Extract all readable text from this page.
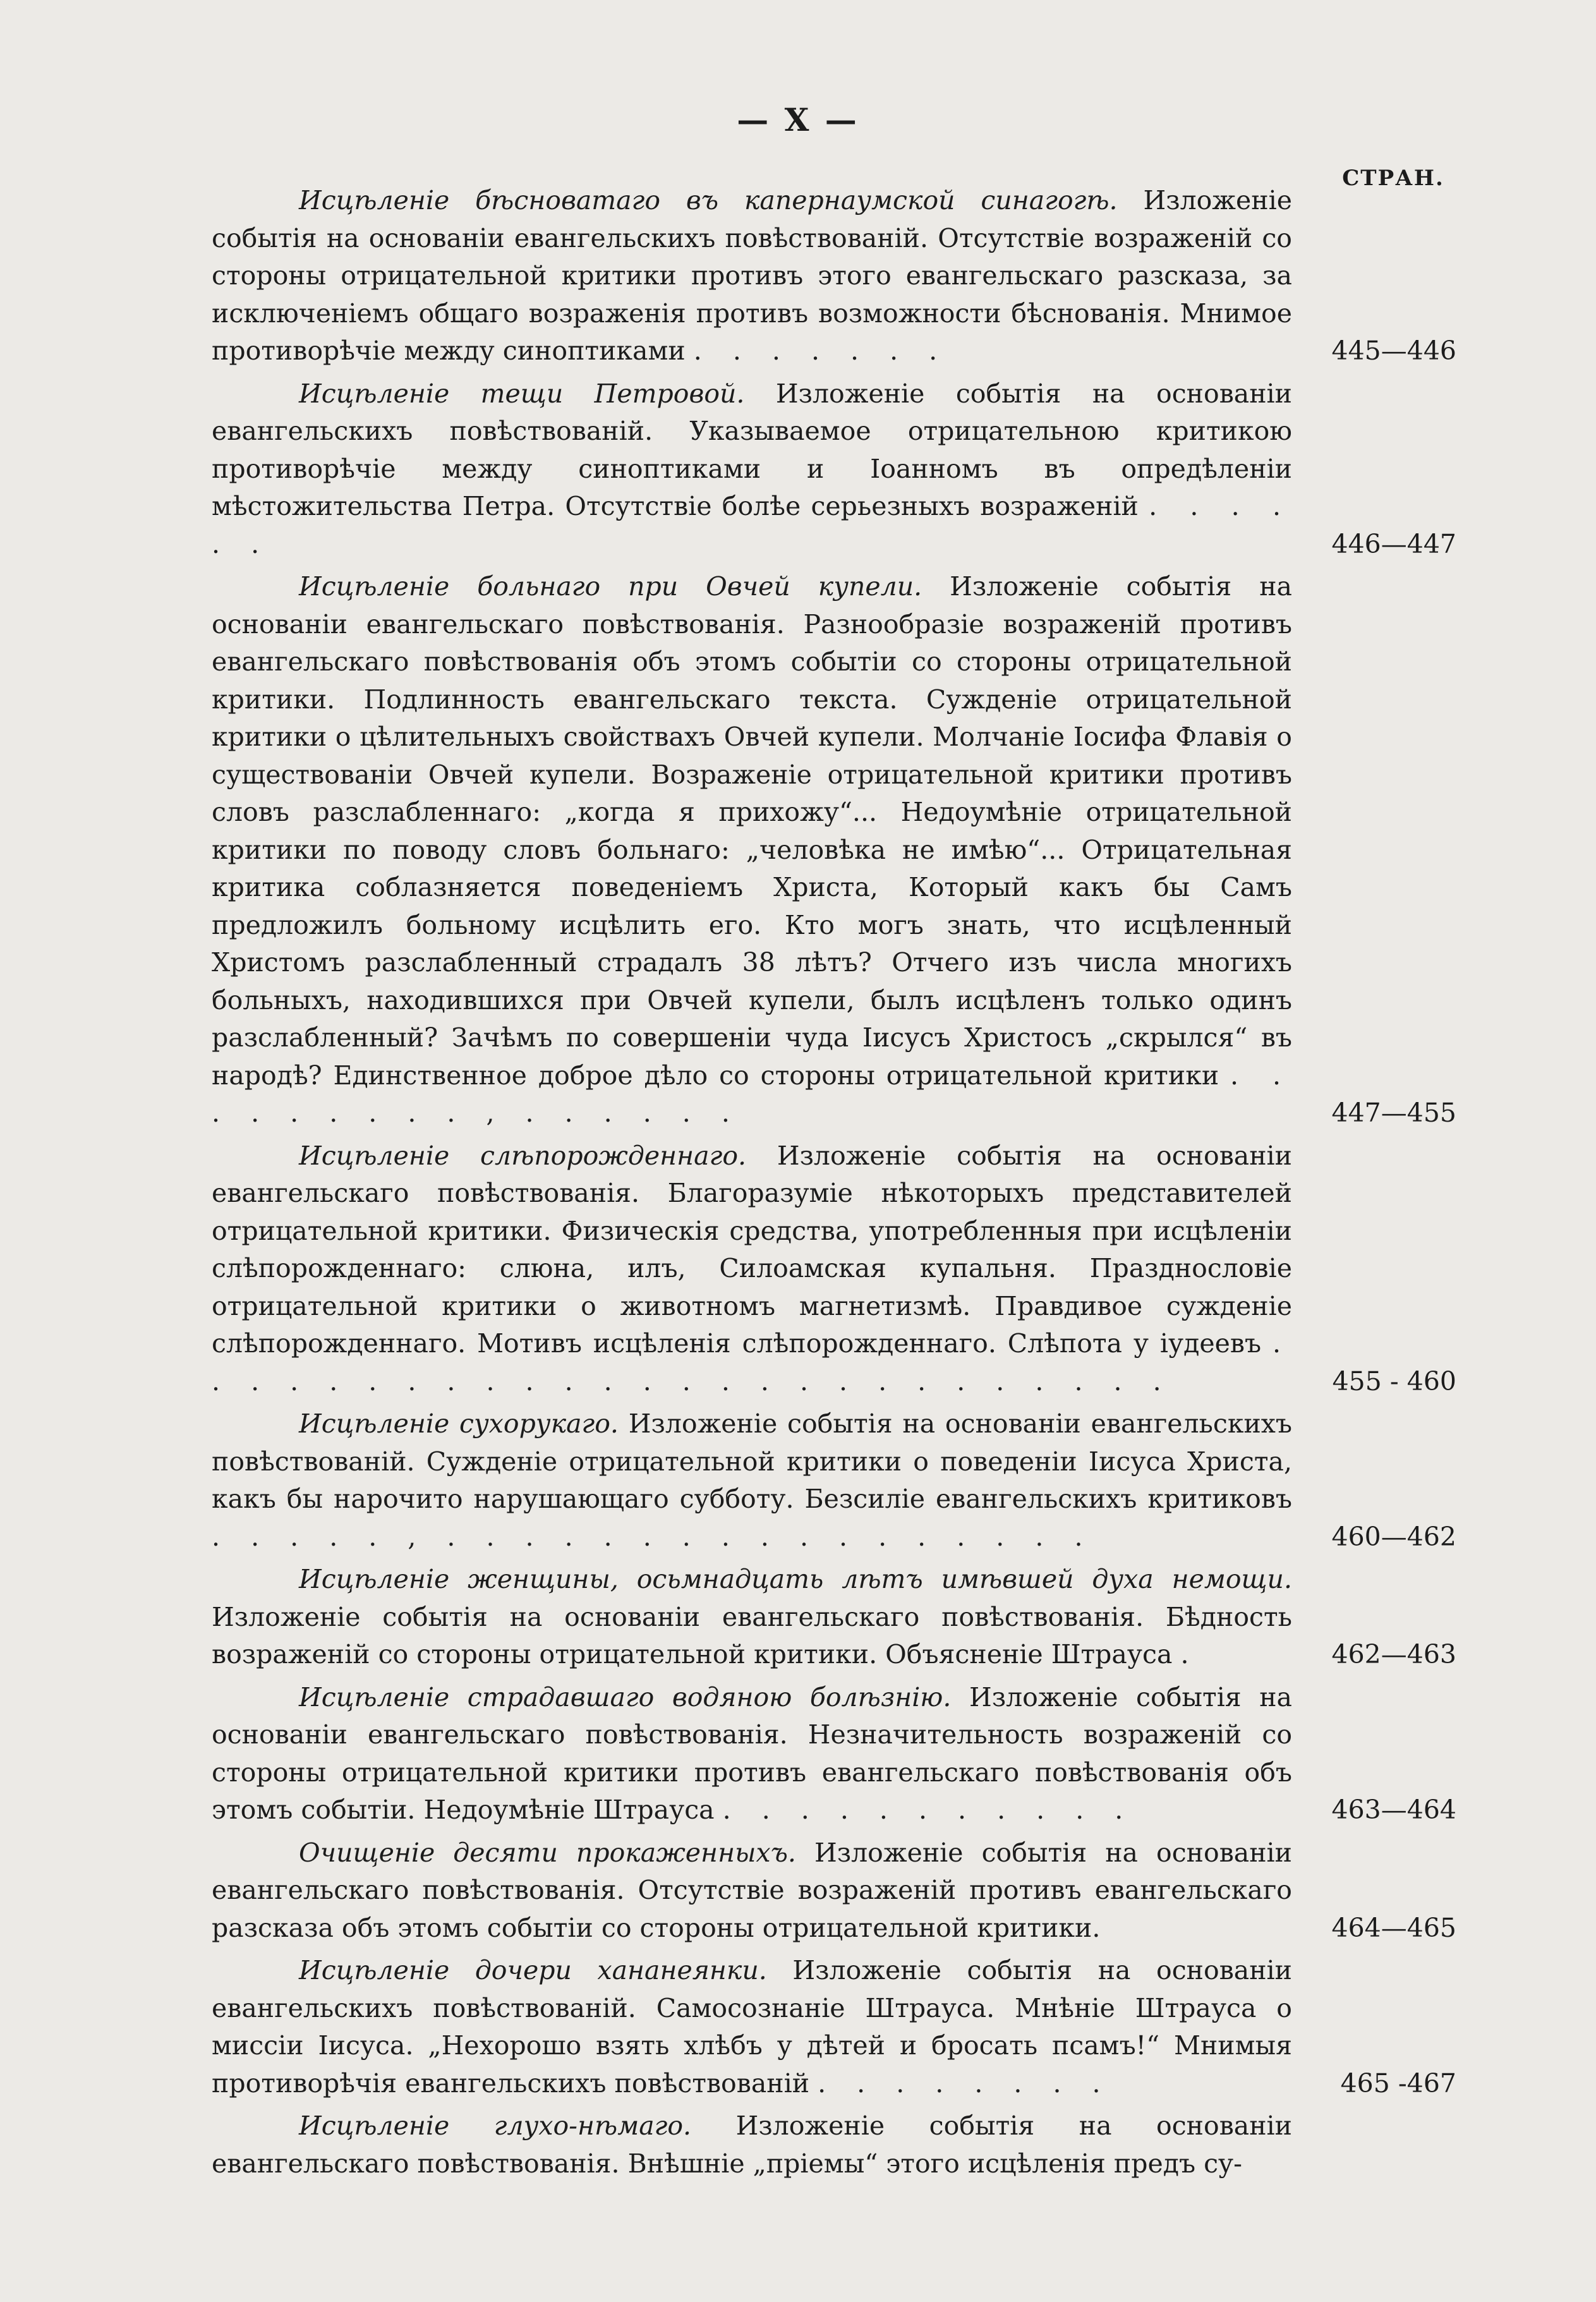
— X —
СТРАН.
Исцѣленіе бѣсноватаго въ капернаумской синагогѣ. Изложеніе событія на основаніи евангельскихъ повѣствованій. Отсутствіе возраженій со стороны отрицательной критики противъ этого евангельскаго разсказа, за исключеніемъ общаго возраженія противъ возможности бѣснованія. Мнимое противорѣчіе между синоптиками . . . . . . .	445—446
Исцѣленіе тещи Петровой. Изложеніе событія на основаніи евангельскихъ повѣствованій. Указываемое отрицательною критикою противорѣчіе между синоптиками и Іоанномъ въ опредѣленіи мѣстожительства Петра. Отсутствіе болѣе серьезныхъ возраженій . . . . . .	446—447
Исцѣленіе больнаго при Овчей купели. Изложеніе событія на основаніи евангельскаго повѣствованія. Разнообразіе возраженій противъ евангельскаго повѣствованія объ этомъ событіи со стороны отрицательной критики. Подлинность евангельскаго текста. Сужденіе отрицательной критики о цѣлительныхъ свойствахъ Овчей купели. Молчаніе Іосифа Флавія о существованіи Овчей купели. Возраженіе отрицательной критики противъ словъ разслабленнаго: „когда я прихожу“... Недоумѣніе отрицательной критики по поводу словъ больнаго: „человѣка не имѣю“... Отрицательная критика соблазняется поведеніемъ Христа, Который какъ бы Самъ предложилъ больному исцѣлить его. Кто могъ знать, что исцѣленный Христомъ разслабленный страдалъ 38 лѣтъ? Отчего изъ числа многихъ больныхъ, находившихся при Овчей купели, былъ исцѣленъ только одинъ разслабленный? Зачѣмъ по совершеніи чуда Іисусъ Христосъ „скрылся“ въ народѣ? Единственное доброе дѣло со стороны отрицательной критики . . . . . . . . . , . . . . . .	447—455
Исцѣленіе слѣпорожденнаго. Изложеніе событія на основаніи евангельскаго повѣствованія. Благоразуміе нѣкоторыхъ представителей отрицательной критики. Физическія средства, употребленныя при исцѣленіи слѣпорожденнаго: слюна, илъ, Силоамская купальня. Празднословіе отрицательной критики о животномъ магнетизмѣ. Правдивое сужденіе слѣпорожденнаго. Мотивъ исцѣленія слѣпорожденнаго. Слѣпота у іудеевъ . . . . . . . . . . . . . . . . . . . . . . . . . .	455 - 460
Исцѣленіе сухорукаго. Изложеніе событія на основаніи евангельскихъ повѣствованій. Сужденіе отрицательной критики о поведеніи Іисуса Христа, какъ бы нарочито нарушающаго субботу. Безсиліе евангельскихъ критиковъ . . . . . , . . . . . . . . . . . . . . . . .	460—462
Исцѣленіе женщины, осьмнадцать лѣтъ имѣвшей духа немощи. Изложеніе событія на основаніи евангельскаго повѣствованія. Бѣдность возраженій со стороны отрицательной критики. Объясненіе Штрауса .	462—463
Исцѣленіе страдавшаго водяною болѣзнію. Изложеніе событія на основаніи евангельскаго повѣствованія. Незначительность возраженій со стороны отрицательной критики противъ евангельскаго повѣствованія объ этомъ событіи. Недоумѣніе Штрауса . . . . . . . . . . .	463—464
Очищеніе десяти прокаженныхъ. Изложеніе событія на основаніи евангельскаго повѣствованія. Отсутствіе возраженій противъ евангельскаго разсказа объ этомъ событіи со стороны отрицательной критики.	464—465
Исцѣленіе дочери хананеянки. Изложеніе событія на основаніи евангельскихъ повѣствованій. Самосознаніе Штрауса. Мнѣніе Штрауса о миссіи Іисуса. „Нехорошо взять хлѣбъ у дѣтей и бросать псамъ!“ Мнимыя противорѣчія евангельскихъ повѣствованій . . . . . . . .	465 -467
Исцѣленіе глухо-нѣмаго. Изложеніе событія на основаніи евангельскаго повѣствованія. Внѣшніе „пріемы“ этого исцѣленія предъ су-
